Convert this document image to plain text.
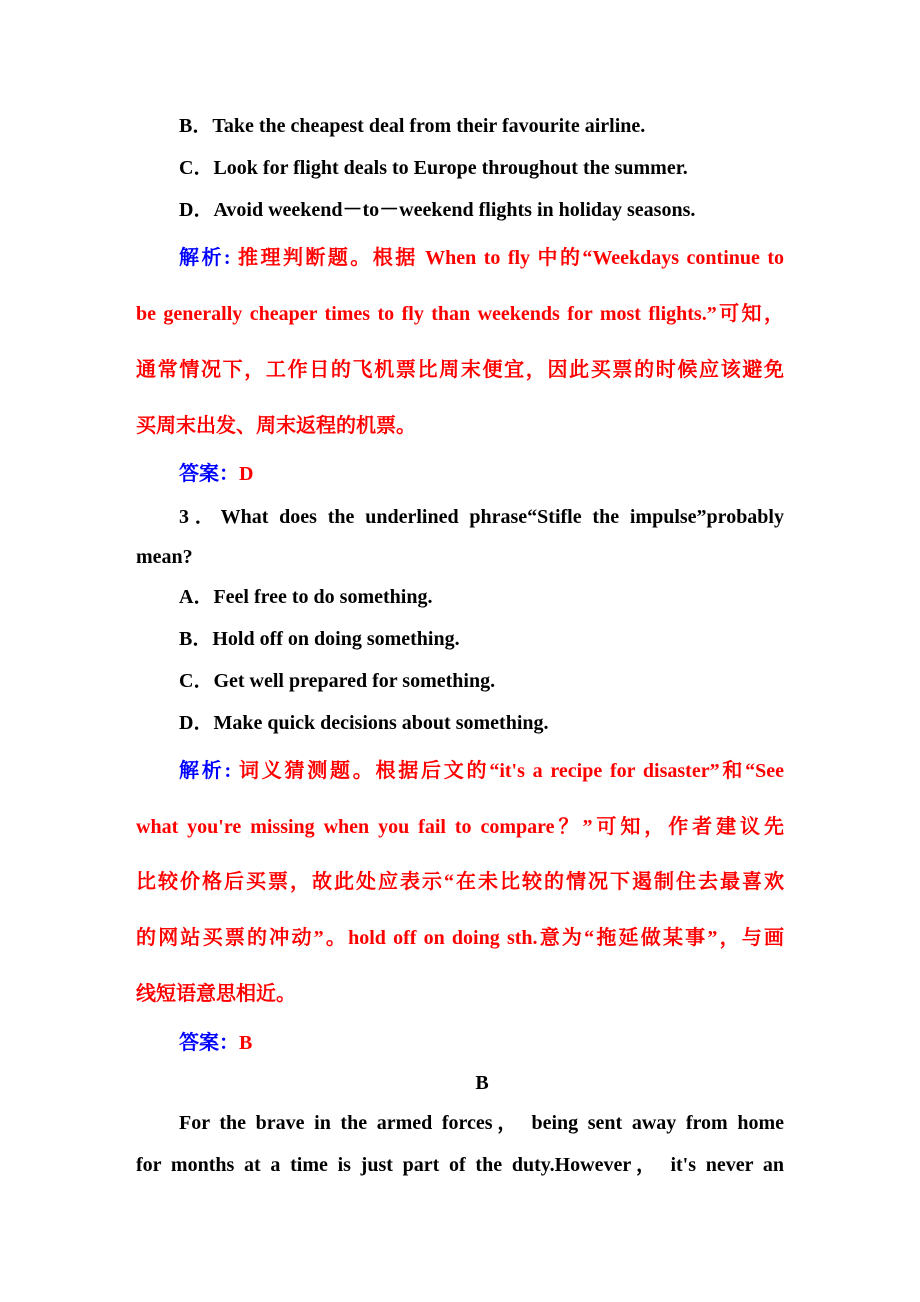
B．Take the cheapest deal from their favourite airline.
C．Look for flight deals to Europe throughout the summer.
D．Avoid weekend－to－weekend flights in holiday seasons.
解析: 推理判断题。根据 When to fly 中的“Weekdays continue to
be generally cheaper times to fly than weekends for most flights.”可知，
通常情况下，工作日的飞机票比周末便宜，因此买票的时候应该避免
买周末出发、周末返程的机票。
答案：D
3．What does the underlined phrase“Stifle the impulse”probably
mean?
A．Feel free to do something.
B．Hold off on doing something.
C．Get well prepared for something.
D．Make quick decisions about something.
解析: 词义猜测题。根据后文的“it's a recipe for disaster”和“See
what you're missing when you fail to compare？”可知，作者建议先
比较价格后买票，故此处应表示“在未比较的情况下遏制住去最喜欢
的网站买票的冲动”。hold off on doing sth.意为“拖延做某事”，与画
线短语意思相近。
答案：B
B
For the brave in the armed forces， being sent away from home
for months at a time is just part of the duty.However， it's never an
